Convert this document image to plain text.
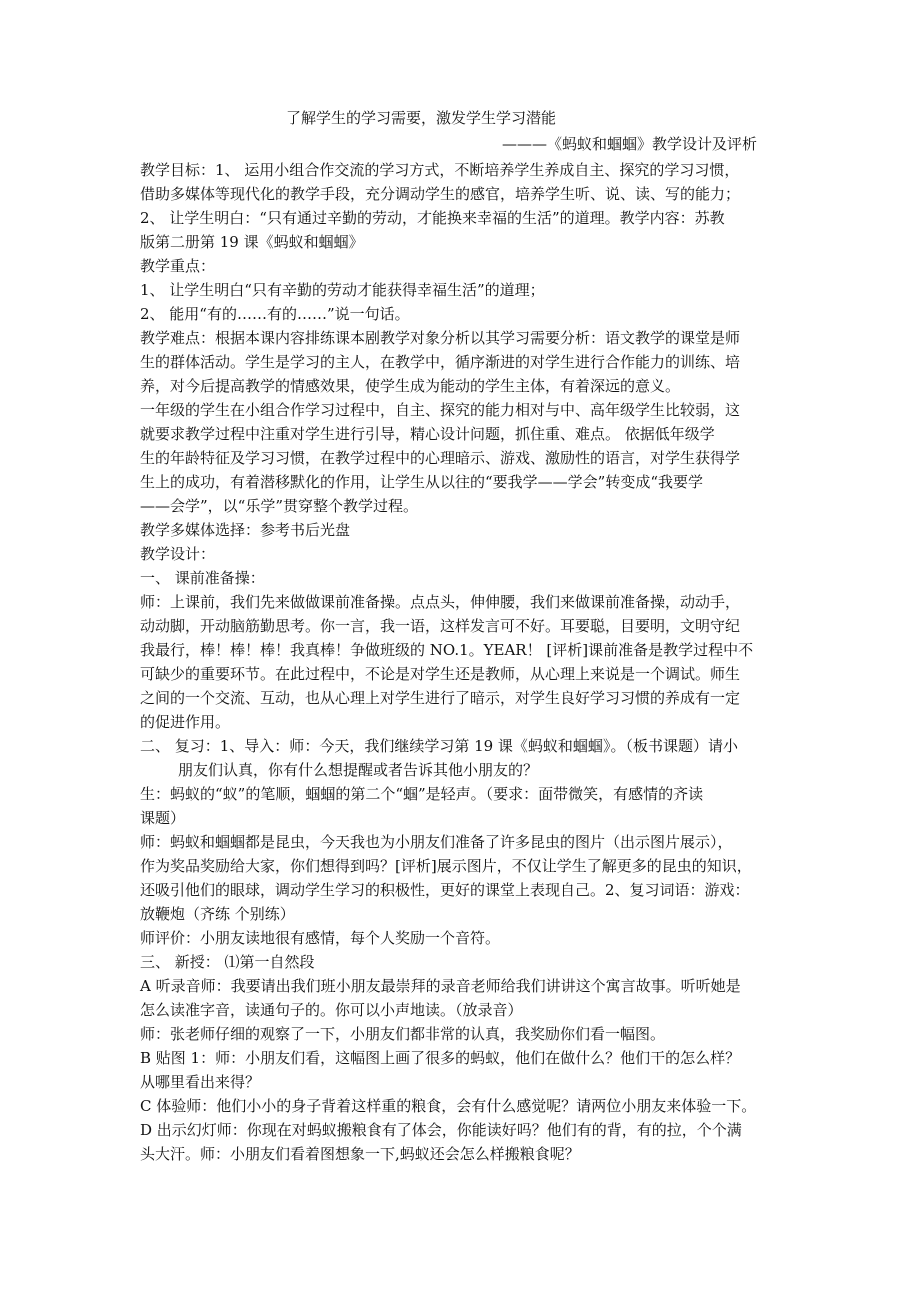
了解学生的学习需要，激发学生学习潜能
———《蚂蚁和蝈蝈》教学设计及评析
教学目标：1、 运用小组合作交流的学习方式，不断培养学生养成自主、探究的学习习惯，
借助多媒体等现代化的教学手段，充分调动学生的感官，培养学生听、说、读、写的能力；
2、 让学生明白：“只有通过辛勤的劳动，才能换来幸福的生活”的道理。教学内容：苏教
版第二册第 19 课《蚂蚁和蝈蝈》
教学重点：
1、 让学生明白“只有辛勤的劳动才能获得幸福生活”的道理；
2、 能用“有的……有的……”说一句话。
教学难点：根据本课内容排练课本剧教学对象分析以其学习需要分析：语文教学的课堂是师
生的群体活动。学生是学习的主人，在教学中，循序渐进的对学生进行合作能力的训练、培
养，对今后提高教学的情感效果，使学生成为能动的学生主体，有着深远的意义。
一年级的学生在小组合作学习过程中，自主、探究的能力相对与中、高年级学生比较弱，这
就要求教学过程中注重对学生进行引导，精心设计问题，抓住重、难点。 依据低年级学
生的年龄特征及学习习惯，在教学过程中的心理暗示、游戏、激励性的语言，对学生获得学
生上的成功，有着潜移默化的作用，让学生从以往的“要我学——学会”转变成“我要学
——会学”，以“乐学”贯穿整个教学过程。
教学多媒体选择：参考书后光盘
教学设计：
一、 课前准备操：
师：上课前，我们先来做做课前准备操。点点头，伸伸腰，我们来做课前准备操，动动手，
动动脚，开动脑筋勤思考。你一言，我一语，这样发言可不好。耳要聪，目要明，文明守纪
我最行，棒！棒！棒！我真棒！争做班级的 NO.1。YEAR！ [评析]课前准备是教学过程中不
可缺少的重要环节。在此过程中，不论是对学生还是教师，从心理上来说是一个调试。师生
之间的一个交流、互动，也从心理上对学生进行了暗示，对学生良好学习习惯的养成有一定
的促进作用。
二、 复习：1、导入：师：今天，我们继续学习第 19 课《蚂蚁和蝈蝈》。（板书课题）请小
朋友们认真，你有什么想提醒或者告诉其他小朋友的？
生：蚂蚁的“蚁”的笔顺，蝈蝈的第二个“蝈”是轻声。（要求：面带微笑，有感情的齐读
课题）
师：蚂蚁和蝈蝈都是昆虫，今天我也为小朋友们准备了许多昆虫的图片（出示图片展示），
作为奖品奖励给大家，你们想得到吗？[评析]展示图片，不仅让学生了解更多的昆虫的知识，
还吸引他们的眼球，调动学生学习的积极性，更好的课堂上表现自己。2、复习词语：游戏：
放鞭炮（齐练 个别练）
师评价：小朋友读地很有感情，每个人奖励一个音符。
三、 新授： ⑴第一自然段
A 听录音师：我要请出我们班小朋友最崇拜的录音老师给我们讲讲这个寓言故事。听听她是
怎么读准字音，读通句子的。你可以小声地读。（放录音）
师：张老师仔细的观察了一下，小朋友们都非常的认真，我奖励你们看一幅图。
B 贴图 1：师：小朋友们看，这幅图上画了很多的蚂蚁，他们在做什么？他们干的怎么样？
从哪里看出来得？
C 体验师：他们小小的身子背着这样重的粮食，会有什么感觉呢？请两位小朋友来体验一下。
D 出示幻灯师：你现在对蚂蚁搬粮食有了体会，你能读好吗？他们有的背，有的拉，个个满
头大汗。师：小朋友们看着图想象一下,蚂蚁还会怎么样搬粮食呢？
